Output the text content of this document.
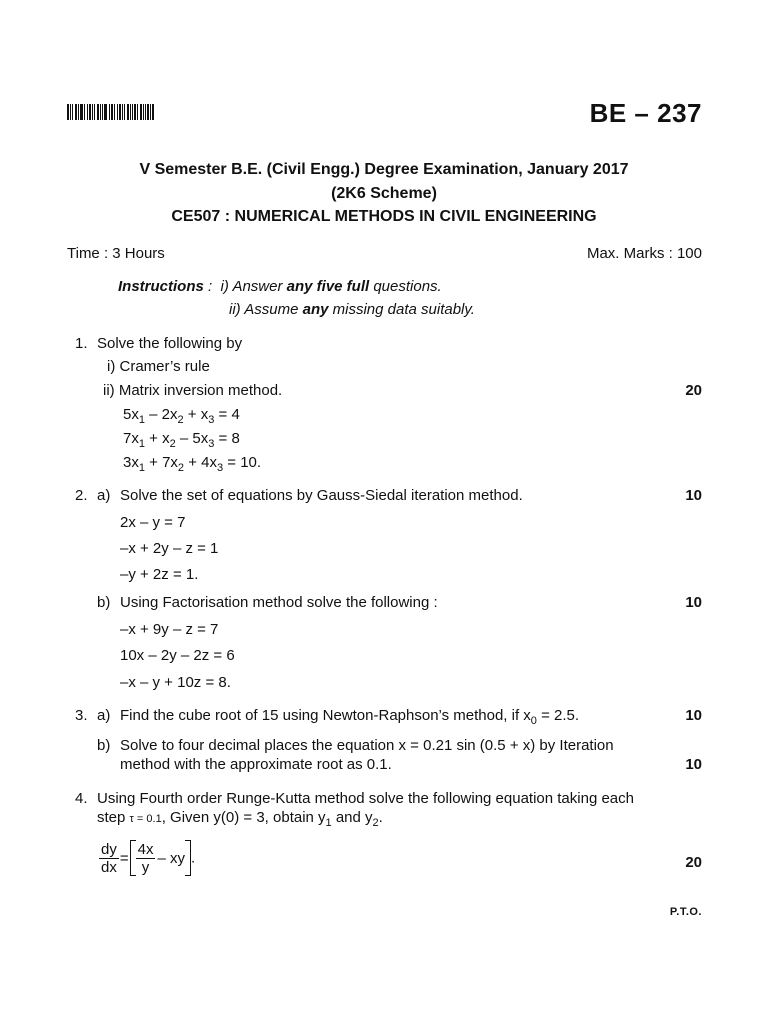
BE – 237
V Semester B.E. (Civil Engg.) Degree Examination, January 2017
(2K6 Scheme)
CE507 : NUMERICAL METHODS IN CIVIL ENGINEERING
Time : 3 Hours	Max. Marks : 100
Instructions :  i) Answer any five full questions.
ii) Assume any missing data suitably.
1. Solve the following by
i) Cramer’s rule
ii) Matrix inversion method.	20
$5x_1 - 2x_2 + x_3 = 4$
$7x_1 + x_2 - 5x_3 = 8$
$3x_1 + 7x_2 + 4x_3 = 10$.
2. a) Solve the set of equations by Gauss-Siedal iteration method.	10
2x – y = 7
–x + 2y – z = 1
–y + 2z = 1.
b) Using Factorisation method solve the following :	10
–x + 9y – z = 7
10x – 2y – 2z = 6
–x – y + 10z = 8.
3. a) Find the cube root of 15 using Newton-Raphson’s method, if $x_0 = 2.5$.	10
b) Solve to four decimal places the equation x = 0.21 sin (0.5 + x) by Iteration
method with the approximate root as 0.1.	10
4. Using Fourth order Runge-Kutta method solve the following equation taking each
step τ = 0.1, Given y(0) = 3, obtain $y_1$ and $y_2$.
$\frac{dy}{dx} = \frac{4x}{y}$ – xy .	20
P.T.O.
